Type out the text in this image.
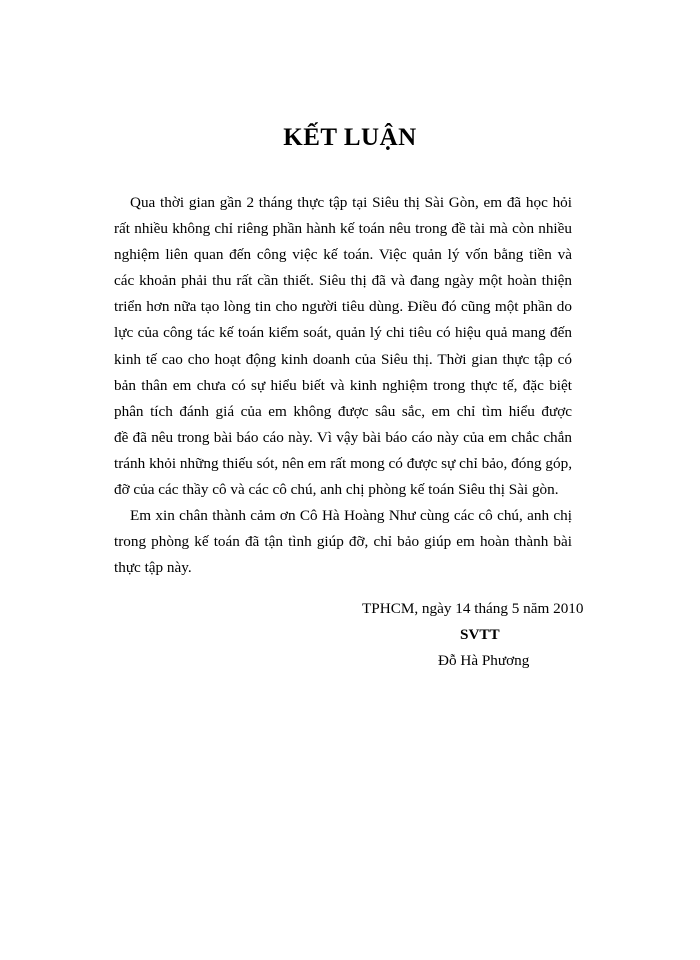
KẾT LUẬN
Qua thời gian gần 2 tháng thực tập tại Siêu thị Sài Gòn, em đã học hỏi
rất nhiều không chỉ riêng phần hành kế toán nêu trong đề tài mà còn nhiều
nghiệm liên quan đến công việc kế toán. Việc quản lý vốn bằng tiền và
các khoản phải thu rất cần thiết. Siêu thị đã và đang ngày một hoàn thiện
triển hơn nữa tạo lòng tin cho người tiêu dùng. Điều đó cũng một phần do
lực của công tác kế toán kiểm soát, quản lý chi tiêu có hiệu quả mang đến
kinh tế cao cho hoạt động kinh doanh của Siêu thị. Thời gian thực tập có
bản thân em chưa có sự hiểu biết và kinh nghiệm trong thực tế, đặc biệt
phân tích đánh giá của em không được sâu sắc, em chỉ tìm hiểu được
đề đã nêu trong bài báo cáo này. Vì vậy bài báo cáo này của em chắc chắn
tránh khỏi những thiếu sót, nên em rất mong có được sự chỉ bảo, đóng góp,
đỡ của các thầy cô và các cô chú, anh chị phòng kế toán Siêu thị Sài gòn.
Em xin chân thành cảm ơn Cô Hà Hoàng Như cùng các cô chú, anh chị
trong phòng kế toán đã tận tình giúp đỡ, chỉ bảo giúp em hoàn thành bài
thực tập này.
TPHCM, ngày 14 tháng 5 năm 2010
SVTT
Đỗ Hà Phương
